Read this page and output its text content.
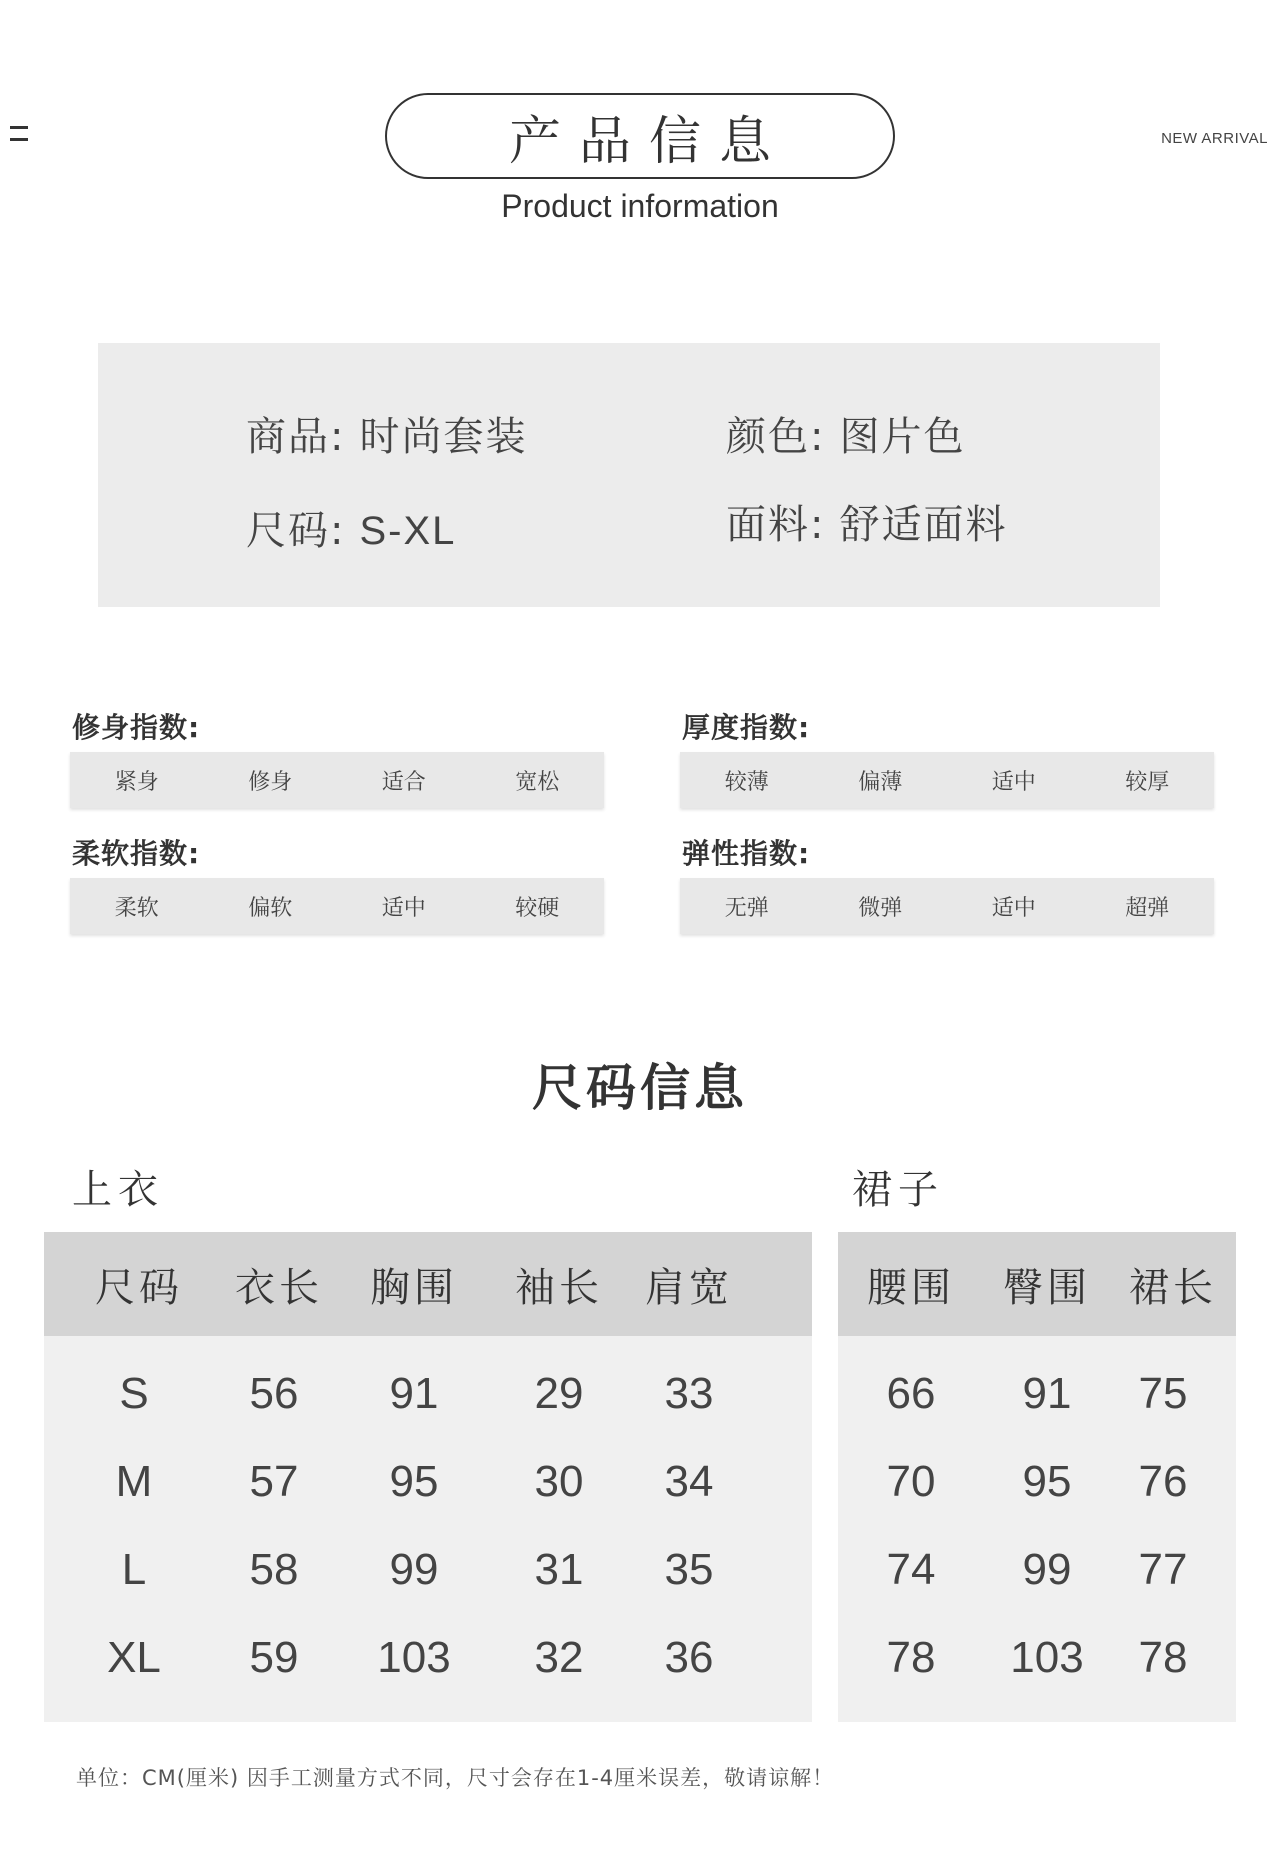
NEW ARRIVAL
产品信息
Product information
商品: 时尚套装	颜色: 图片色
尺码: S-XL	面料: 舒适面料
修身指数:
紧身	修身	适合	宽松
厚度指数:
较薄	偏薄	适中	较厚
柔软指数:
柔软	偏软	适中	较硬
弹性指数:
无弹	微弹	适中	超弹
尺码信息
上衣	裙子
尺码	衣长	胸围	袖长	肩宽
S	56	91	29	33
M	57	95	30	34
L	58	99	31	35
XL	59	103	32	36
腰围	臀围 裙长
66	91	75
70	95	76
74	99	77
78	103	78
单位：CM(厘米) 因手工测量方式不同，尺寸会存在1-4厘米误差，敬请谅解！
